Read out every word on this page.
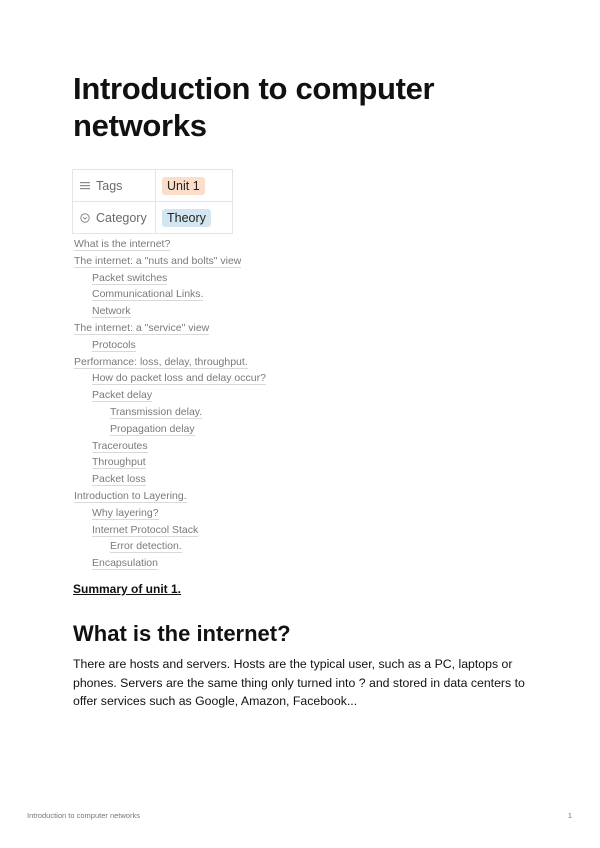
Introduction to computer networks
Tags	Unit 1

Category	Theory
What is the internet?
The internet: a "nuts and bolts" view
Packet switches
Communicational Links.
Network
The internet: a "service" view
Protocols
Performance: loss, delay, throughput.
How do packet loss and delay occur?
Packet delay
Transmission delay.
Propagation delay
Traceroutes
Throughput
Packet loss
Introduction to Layering.
Why layering?
Internet Protocol Stack
Error detection.
Encapsulation
Summary of unit 1.
What is the internet?

There are hosts and servers. Hosts are the typical user, such as a PC, laptops or phones. Servers are the same thing only turned into ? and stored in data centers to offer services such as Google, Amazon, Facebook...

Introduction to computer networks	1
